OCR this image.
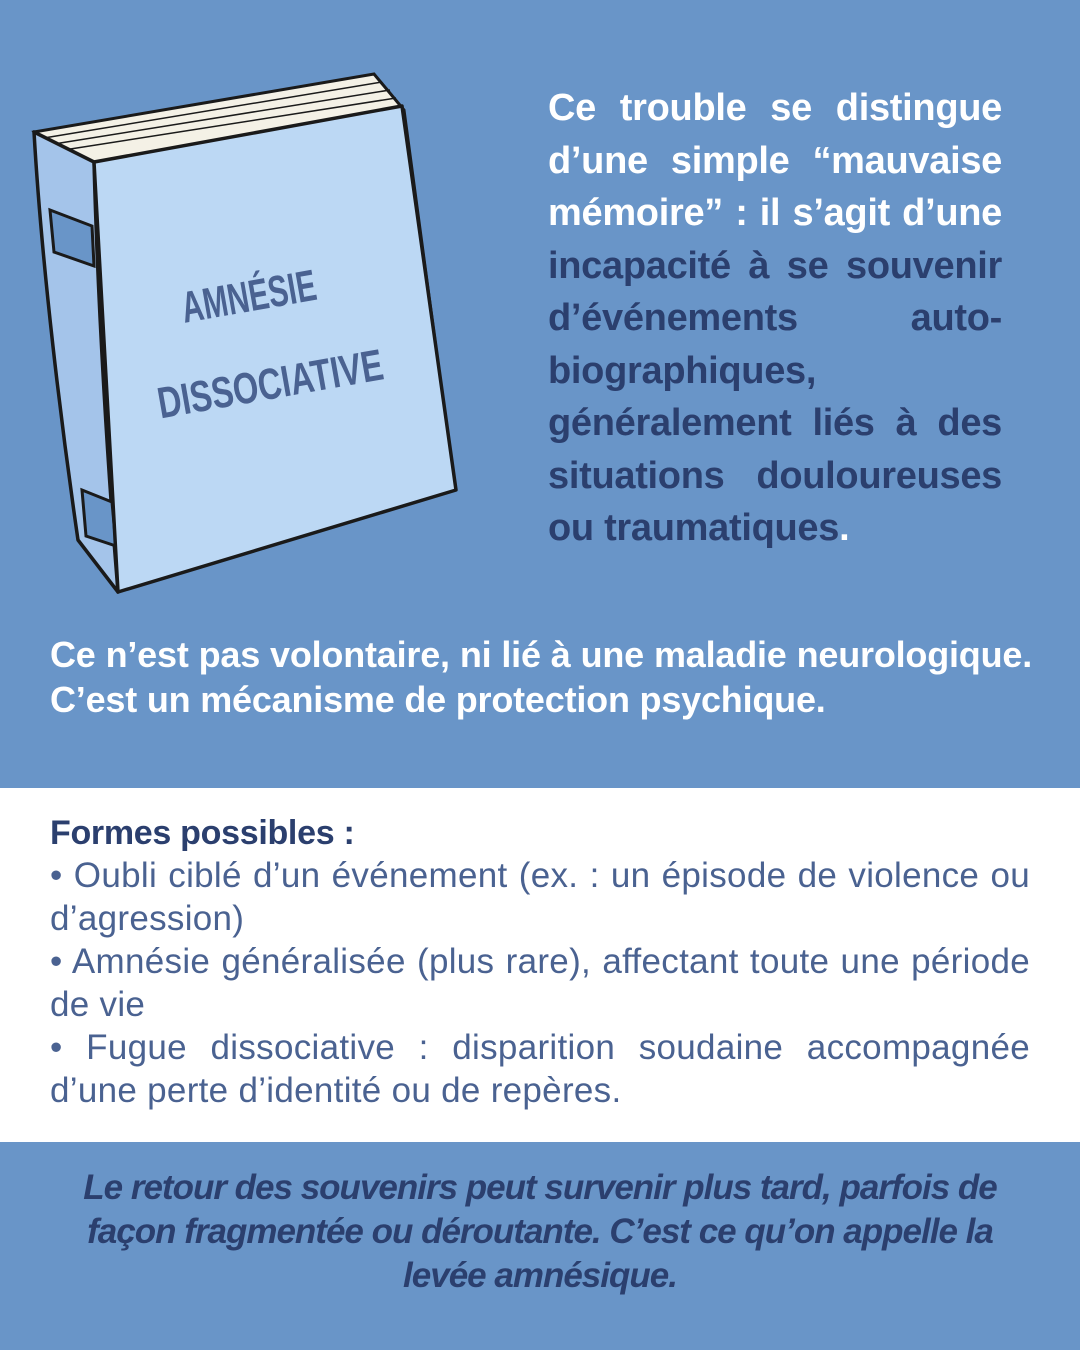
AMNÉSIE
DISSOCIATIVE
Ce trouble se distingue d’une simple “mauvaise mémoire” : il s’agit d’une incapacité à se souvenir d’événements auto-biographiques, généralement liés à des situations douloureuses ou traumatiques.
Ce n’est pas volontaire, ni lié à une maladie neurologique. C’est un mécanisme de protection psychique.
Formes possibles :
• Oubli ciblé d’un événement (ex. : un épisode de violence ou d’agression)
• Amnésie généralisée (plus rare), affectant toute une période de vie
• Fugue dissociative : disparition soudaine accompagnée d’une perte d’identité ou de repères.
Le retour des souvenirs peut survenir plus tard, parfois de façon fragmentée ou déroutante. C’est ce qu’on appelle la levée amnésique.
